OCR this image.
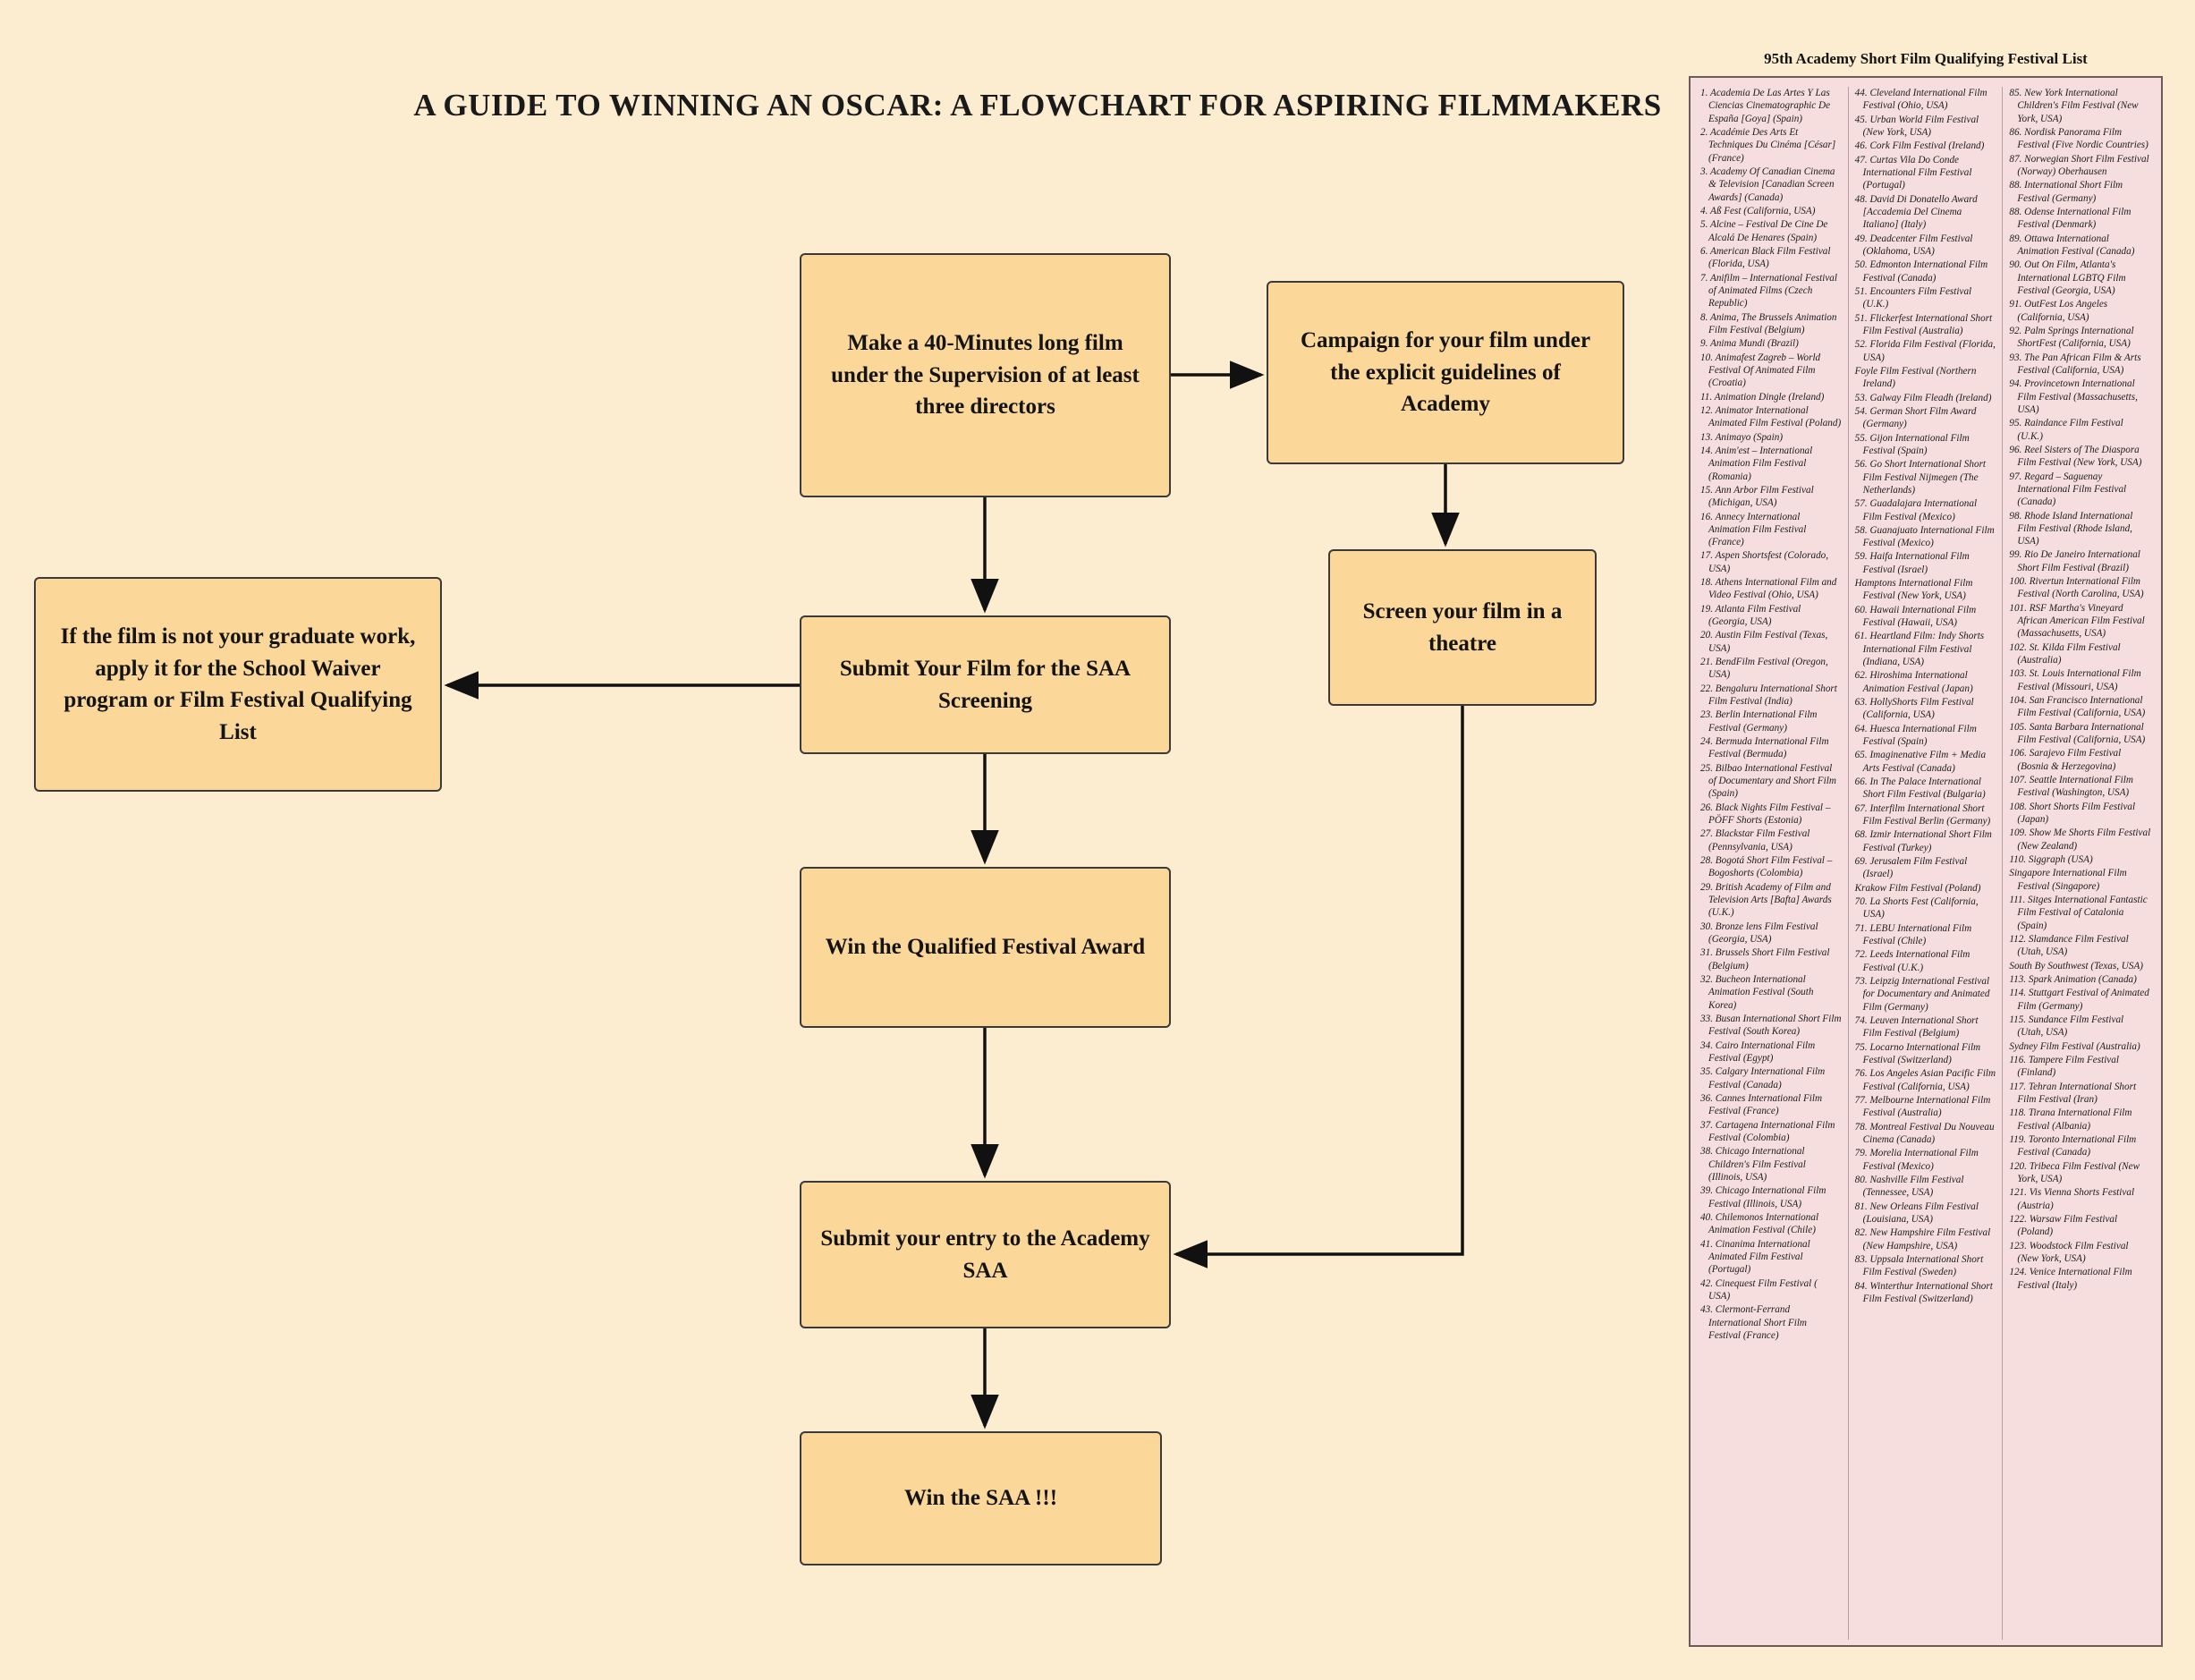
A GUIDE TO WINNING AN OSCAR: A FLOWCHART FOR ASPIRING FILMMAKERS
Make a 40-Minutes long film under the Supervision of at least three directors
Campaign for your film under the explicit guidelines of Academy
Submit Your Film for the SAA Screening
Screen your film in a theatre
If the film is not your graduate work, apply it for the School Waiver program or Film Festival Qualifying List
Win the Qualified Festival Award
Submit your entry to the Academy SAA
Win the SAA !!!
95th Academy Short Film Qualifying Festival List
1. Academia De Las Artes Y Las Ciencias Cinematographic De España [Goya] (Spain)
2. Académie Des Arts Et Techniques Du Cinéma [César] (France)
3. Academy Of Canadian Cinema & Television [Canadian Screen Awards] (Canada)
4. Aß Fest (California, USA)
5. Alcine – Festival De Cine De Alcalá De Henares (Spain)
6. American Black Film Festival (Florida, USA)
7. Anifilm – International Festival of Animated Films (Czech Republic)
8. Anima, The Brussels Animation Film Festival (Belgium)
9. Anima Mundi (Brazil)
10. Animafest Zagreb – World Festival Of Animated Film (Croatia)
11. Animation Dingle (Ireland)
12. Animator International Animated Film Festival (Poland)
13. Animayo (Spain)
14. Anim'est – International Animation Film Festival (Romania)
15. Ann Arbor Film Festival (Michigan, USA)
16. Annecy International Animation Film Festival (France)
17. Aspen Shortsfest (Colorado, USA)
18. Athens International Film and Video Festival (Ohio, USA)
19. Atlanta Film Festival (Georgia, USA)
20. Austin Film Festival (Texas, USA)
21. BendFilm Festival (Oregon, USA)
22. Bengaluru International Short Film Festival (India)
23. Berlin International Film Festival (Germany)
24. Bermuda International Film Festival (Bermuda)
25. Bilbao International Festival of Documentary and Short Film (Spain)
26. Black Nights Film Festival – PÖFF Shorts (Estonia)
27. Blackstar Film Festival (Pennsylvania, USA)
28. Bogotá Short Film Festival – Bogoshorts (Colombia)
29. British Academy of Film and Television Arts [Bafta] Awards (U.K.)
30. Bronze lens Film Festival (Georgia, USA)
31. Brussels Short Film Festival (Belgium)
32. Bucheon International Animation Festival (South Korea)
33. Busan International Short Film Festival (South Korea)
34. Cairo International Film Festival (Egypt)
35. Calgary International Film Festival (Canada)
36. Cannes International Film Festival (France)
37. Cartagena International Film Festival (Colombia)
38. Chicago International Children's Film Festival (Illinois, USA)
39. Chicago International Film Festival (Illinois, USA)
40. Chilemonos International Animation Festival (Chile)
41. Cinanima International Animated Film Festival (Portugal)
42. Cinequest Film Festival ( USA)
43. Clermont-Ferrand International Short Film Festival (France)
44. Cleveland International Film Festival (Ohio, USA)
45. Urban World Film Festival (New York, USA)
46. Cork Film Festival (Ireland)
47. Curtas Vila Do Conde International Film Festival (Portugal)
48. David Di Donatello Award [Accademia Del Cinema Italiano] (Italy)
49. Deadcenter Film Festival (Oklahoma, USA)
50. Edmonton International Film Festival (Canada)
51. Encounters Film Festival (U.K.)
51. Flickerfest International Short Film Festival (Australia)
52. Florida Film Festival (Florida, USA)
Foyle Film Festival (Northern Ireland)
53. Galway Film Fleadh (Ireland)
54. German Short Film Award (Germany)
55. Gijon International Film Festival (Spain)
56. Go Short International Short Film Festival Nijmegen (The Netherlands)
57. Guadalajara International Film Festival (Mexico)
58. Guanajuato International Film Festival (Mexico)
59. Haifa International Film Festival (Israel)
Hamptons International Film Festival (New York, USA)
60. Hawaii International Film Festival (Hawaii, USA)
61. Heartland Film: Indy Shorts International Film Festival (Indiana, USA)
62. Hiroshima International Animation Festival (Japan)
63. HollyShorts Film Festival (California, USA)
64. Huesca International Film Festival (Spain)
65. Imaginenative Film + Media Arts Festival (Canada)
66. In The Palace International Short Film Festival (Bulgaria)
67. Interfilm International Short Film Festival Berlin (Germany)
68. Izmir International Short Film Festival (Turkey)
69. Jerusalem Film Festival (Israel)
Krakow Film Festival (Poland)
70. La Shorts Fest (California, USA)
71. LEBU International Film Festival (Chile)
72. Leeds International Film Festival (U.K.)
73. Leipzig International Festival for Documentary and Animated Film (Germany)
74. Leuven International Short Film Festival (Belgium)
75. Locarno International Film Festival (Switzerland)
76. Los Angeles Asian Pacific Film Festival (California, USA)
77. Melbourne International Film Festival (Australia)
78. Montreal Festival Du Nouveau Cinema (Canada)
79. Morelia International Film Festival (Mexico)
80. Nashville Film Festival (Tennessee, USA)
81. New Orleans Film Festival (Louisiana, USA)
82. New Hampshire Film Festival (New Hampshire, USA)
83. Uppsala International Short Film Festival (Sweden)
84. Winterthur International Short Film Festival (Switzerland)
85. New York International Children's Film Festival (New York, USA)
86. Nordisk Panorama Film Festival (Five Nordic Countries)
87. Norwegian Short Film Festival (Norway) Oberhausen
88. International Short Film Festival (Germany)
88. Odense International Film Festival (Denmark)
89. Ottawa International Animation Festival (Canada)
90. Out On Film, Atlanta's International LGBTQ Film Festival (Georgia, USA)
91. OutFest Los Angeles (California, USA)
92. Palm Springs International ShortFest (California, USA)
93. The Pan African Film & Arts Festival (California, USA)
94. Provincetown International Film Festival (Massachusetts, USA)
95. Raindance Film Festival (U.K.)
96. Reel Sisters of The Diaspora Film Festival (New York, USA)
97. Regard – Saguenay International Film Festival (Canada)
98. Rhode Island International Film Festival (Rhode Island, USA)
99. Rio De Janeiro International Short Film Festival (Brazil)
100. Rivertun International Film Festival (North Carolina, USA)
101. RSF Martha's Vineyard African American Film Festival (Massachusetts, USA)
102. St. Kilda Film Festival (Australia)
103. St. Louis International Film Festival (Missouri, USA)
104. San Francisco International Film Festival (California, USA)
105. Santa Barbara International Film Festival (California, USA)
106. Sarajevo Film Festival (Bosnia & Herzegovina)
107. Seattle International Film Festival (Washington, USA)
108. Short Shorts Film Festival (Japan)
109. Show Me Shorts Film Festival (New Zealand)
110. Siggraph (USA)
Singapore International Film Festival (Singapore)
111. Sitges International Fantastic Film Festival of Catalonia (Spain)
112. Slamdance Film Festival (Utah, USA)
South By Southwest (Texas, USA)
113. Spark Animation (Canada)
114. Stuttgart Festival of Animated Film (Germany)
115. Sundance Film Festival (Utah, USA)
Sydney Film Festival (Australia)
116. Tampere Film Festival (Finland)
117. Tehran International Short Film Festival (Iran)
118. Tirana International Film Festival (Albania)
119. Toronto International Film Festival (Canada)
120. Tribeca Film Festival (New York, USA)
121. Vis Vienna Shorts Festival (Austria)
122. Warsaw Film Festival (Poland)
123. Woodstock Film Festival (New York, USA)
124. Venice International Film Festival (Italy)
